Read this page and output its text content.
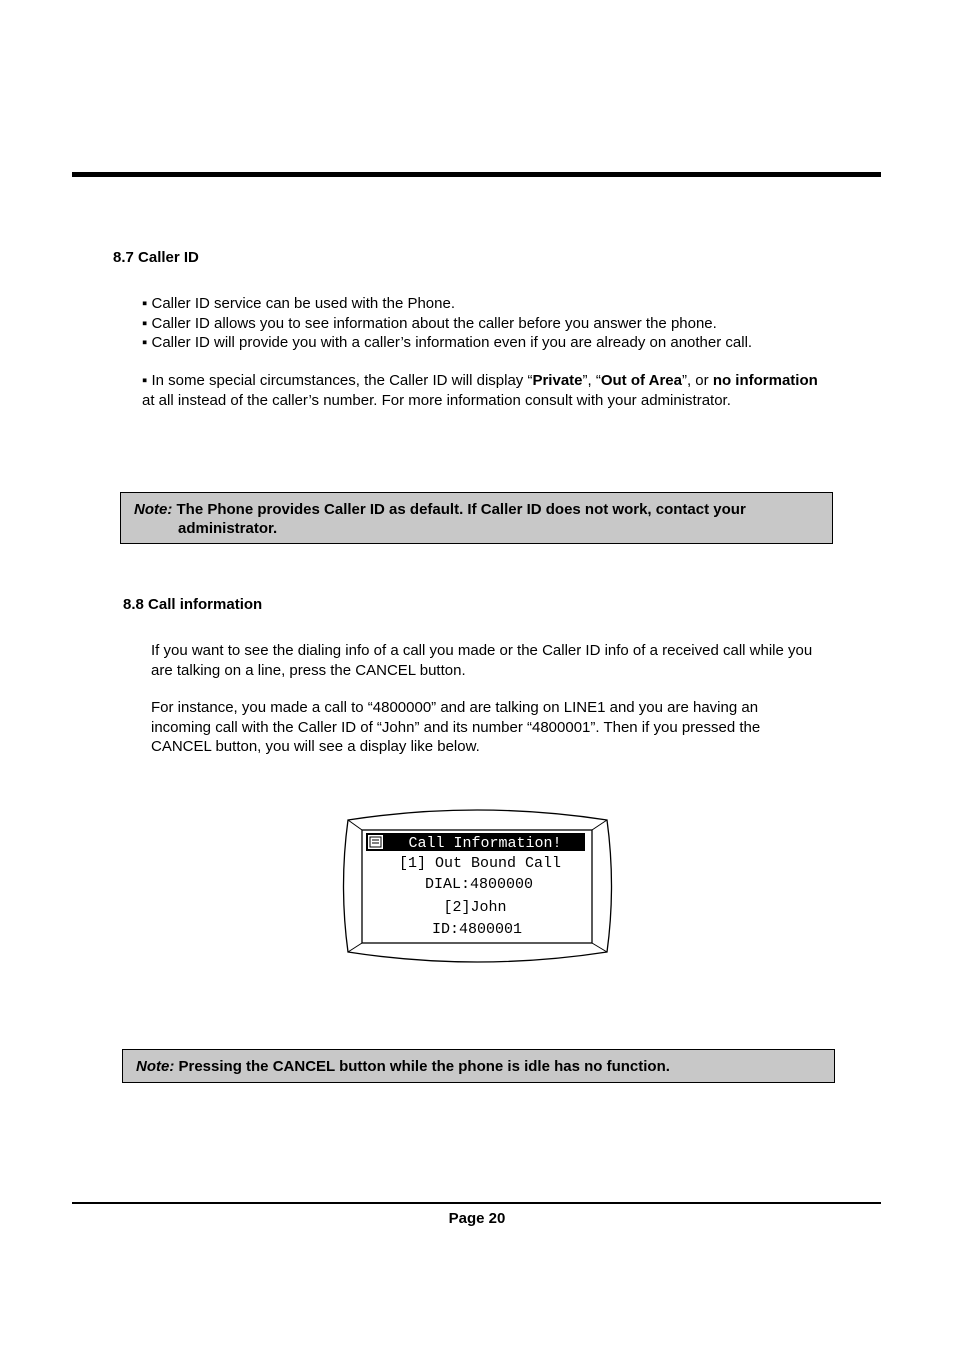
8.7 Caller ID
▪ Caller ID service can be used with the Phone.
▪ Caller ID allows you to see information about the caller before you answer the phone.
▪ Caller ID will provide you with a caller’s information even if you are already on another call.
▪ In some special circumstances, the Caller ID will display “Private”, “Out of Area”, or no information at all instead of the caller’s number. For more information consult with your administrator.
Note: The Phone provides Caller ID as default. If Caller ID does not work, contact your
administrator.
8.8 Call information
If you want to see the dialing info of a call you made or the Caller ID info of a received call while you are talking on a line, press the CANCEL button.
For instance, you made a call to “4800000” and are talking on LINE1 and you are having an incoming call with the Caller ID of “John” and its number “4800001”. Then if you pressed the CANCEL button, you will see a display like below.
Call Information!
[1] Out Bound Call
DIAL:4800000
[2]John
ID:4800001
Note: Pressing the CANCEL button while the phone is idle has no function.
Page 20
